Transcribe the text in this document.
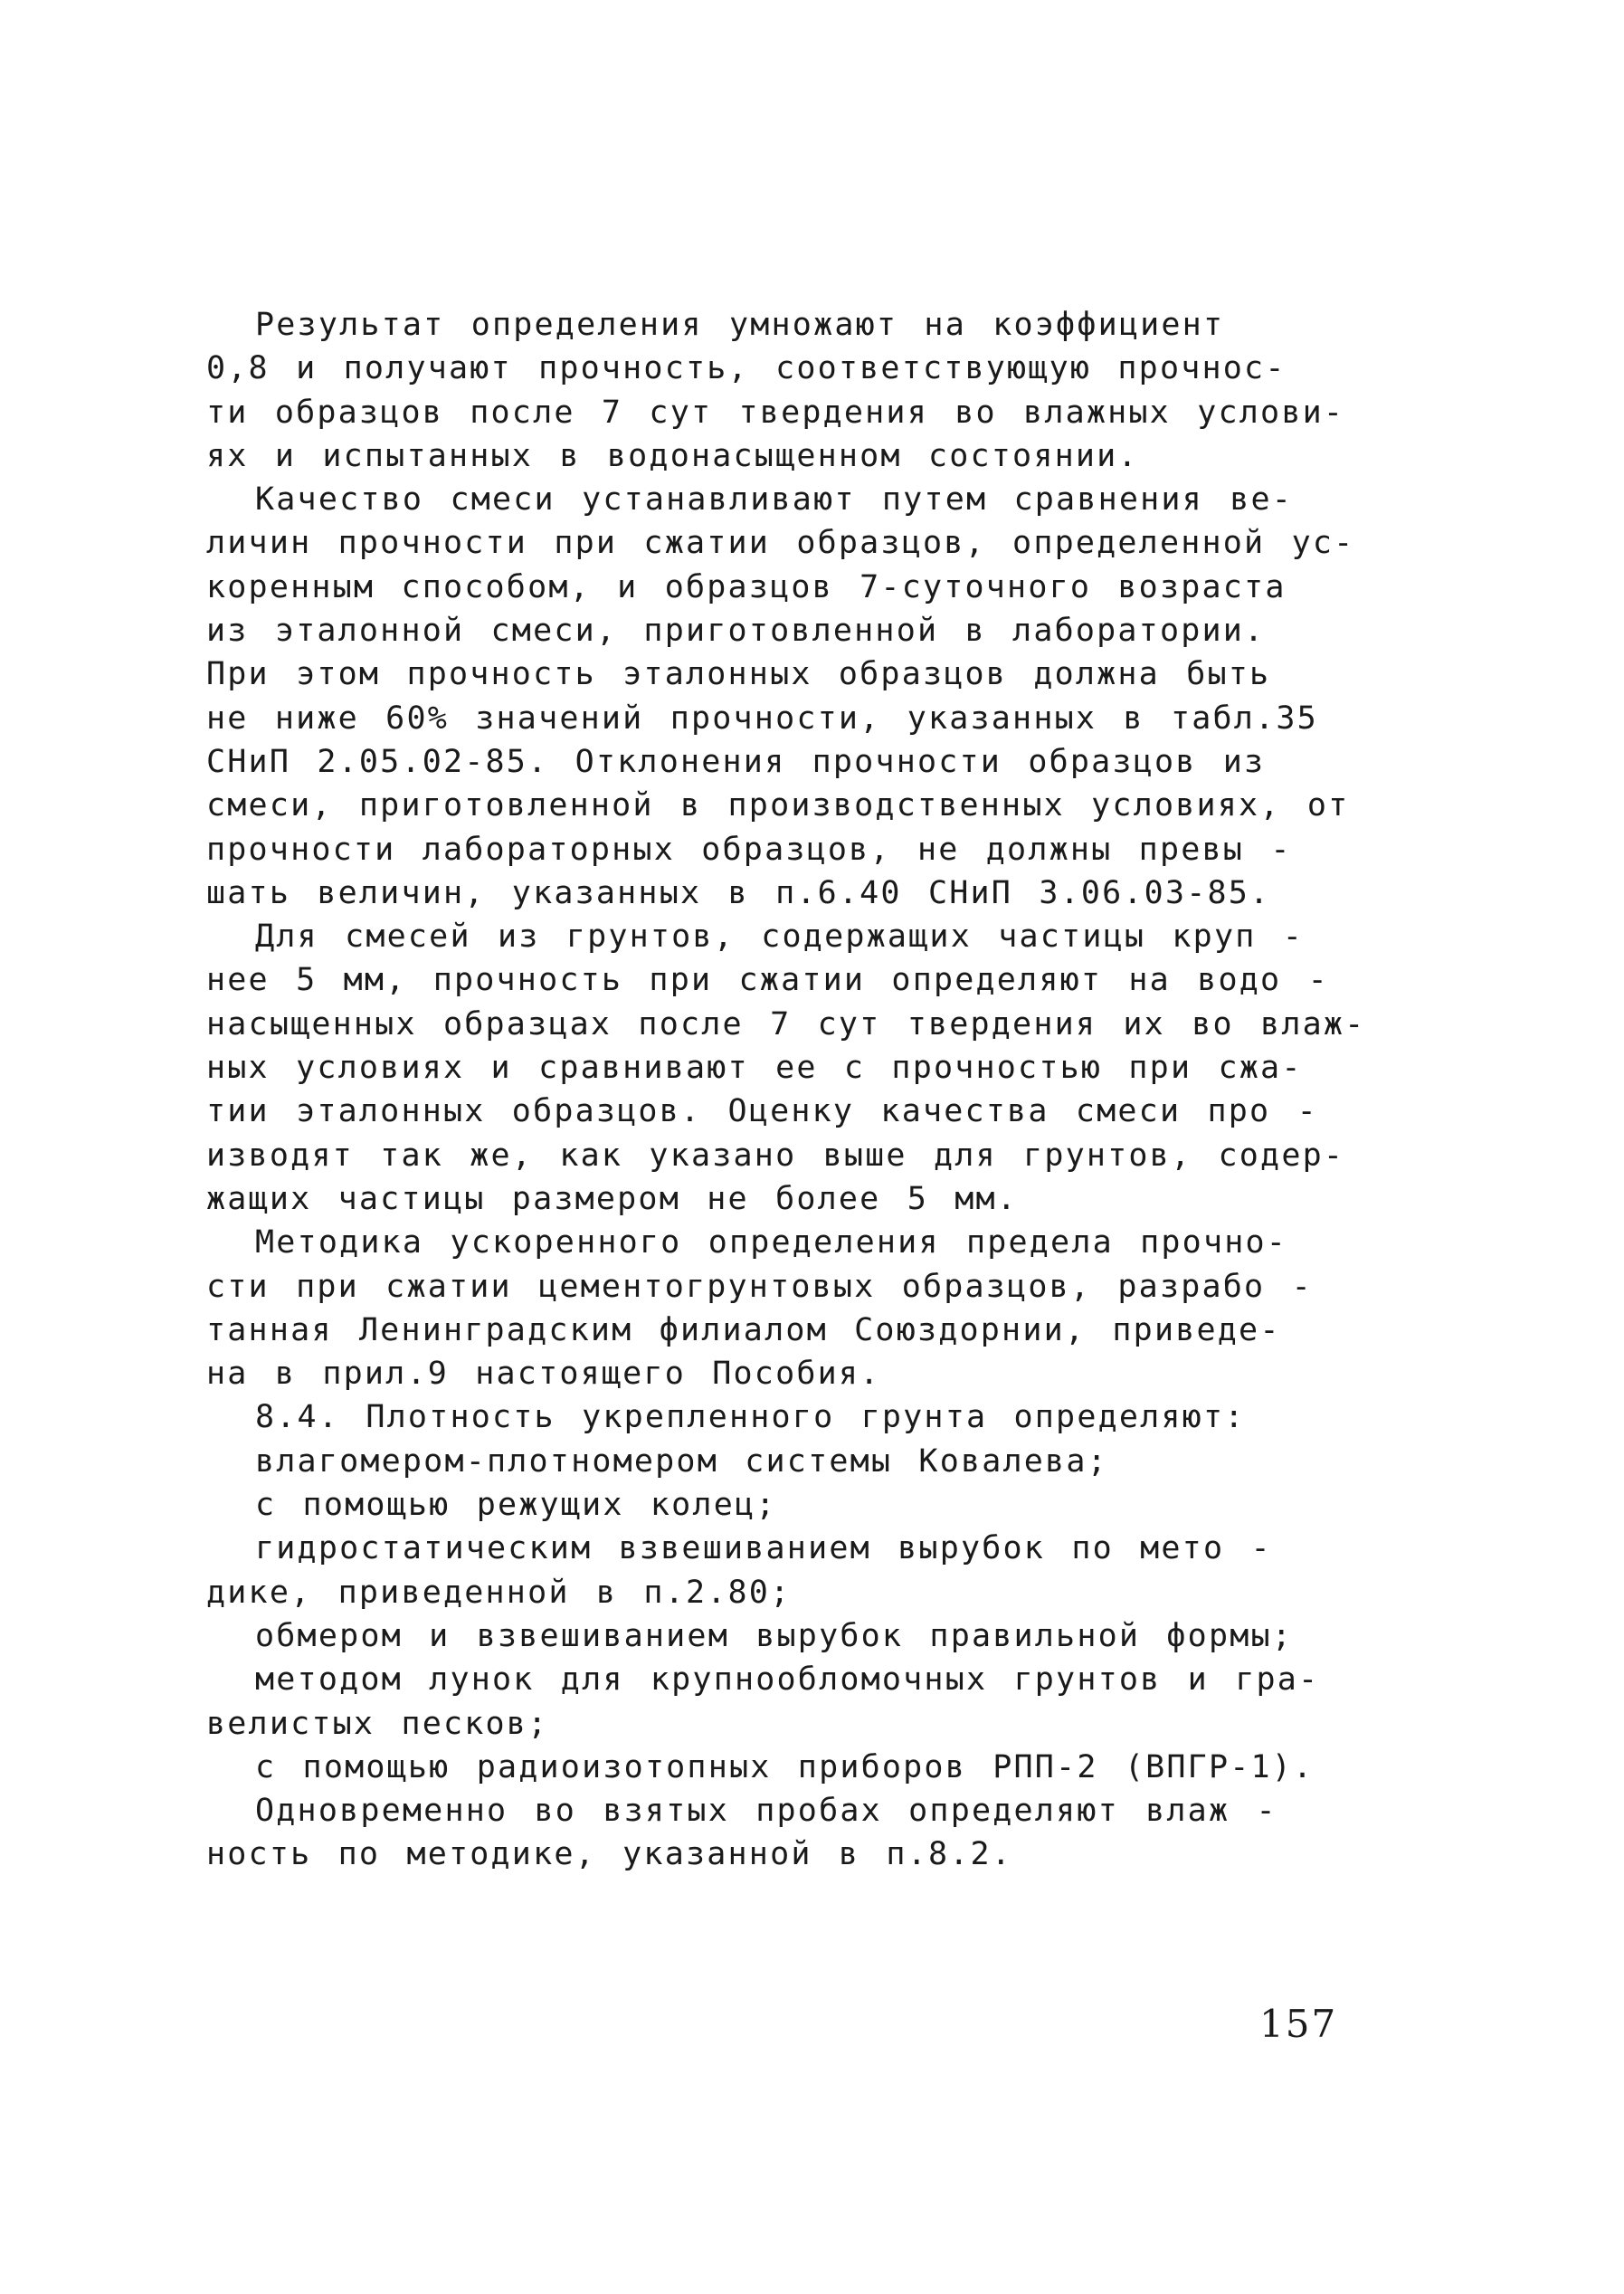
Результат определения умножают на коэффициент
0,8 и получают прочность, соответствующую прочнос-
ти образцов после 7 сут твердения во влажных услови-
ях и испытанных в водонасыщенном состоянии.
Качество смеси устанавливают путем сравнения ве-
личин прочности при сжатии образцов, определенной ус-
коренным способом, и образцов 7-суточного возраста
из эталонной смеси, приготовленной в лаборатории.
При этом прочность эталонных образцов должна быть
не ниже 60% значений прочности, указанных в табл.35
СНиП 2.05.02-85. Отклонения прочности образцов из
смеси, приготовленной в производственных условиях, от
прочности лабораторных образцов, не должны превы -
шать величин, указанных в п.6.40 СНиП 3.06.03-85.
Для смесей из грунтов, содержащих частицы круп -
нее 5 мм, прочность при сжатии определяют на водо -
насыщенных образцах после 7 сут твердения их во влаж-
ных условиях и сравнивают ее с прочностью при сжа-
тии эталонных образцов. Оценку качества смеси про -
изводят так же, как указано выше для грунтов, содер-
жащих частицы размером не более 5 мм.
Методика ускоренного определения предела прочно-
сти при сжатии цементогрунтовых образцов, разрабо -
танная Ленинградским филиалом Союздорнии, приведе-
на в прил.9 настоящего Пособия.
8.4. Плотность укрепленного грунта определяют:
влагомером-плотномером системы Ковалева;
с помощью режущих колец;
гидростатическим взвешиванием вырубок по мето -
дике, приведенной в п.2.80;
обмером и взвешиванием вырубок правильной формы;
методом лунок для крупнообломочных грунтов и гра-
велистых песков;
с помощью радиоизотопных приборов РПП-2 (ВПГР-1).
Одновременно во взятых пробах определяют влаж -
ность по методике, указанной в п.8.2.
157
